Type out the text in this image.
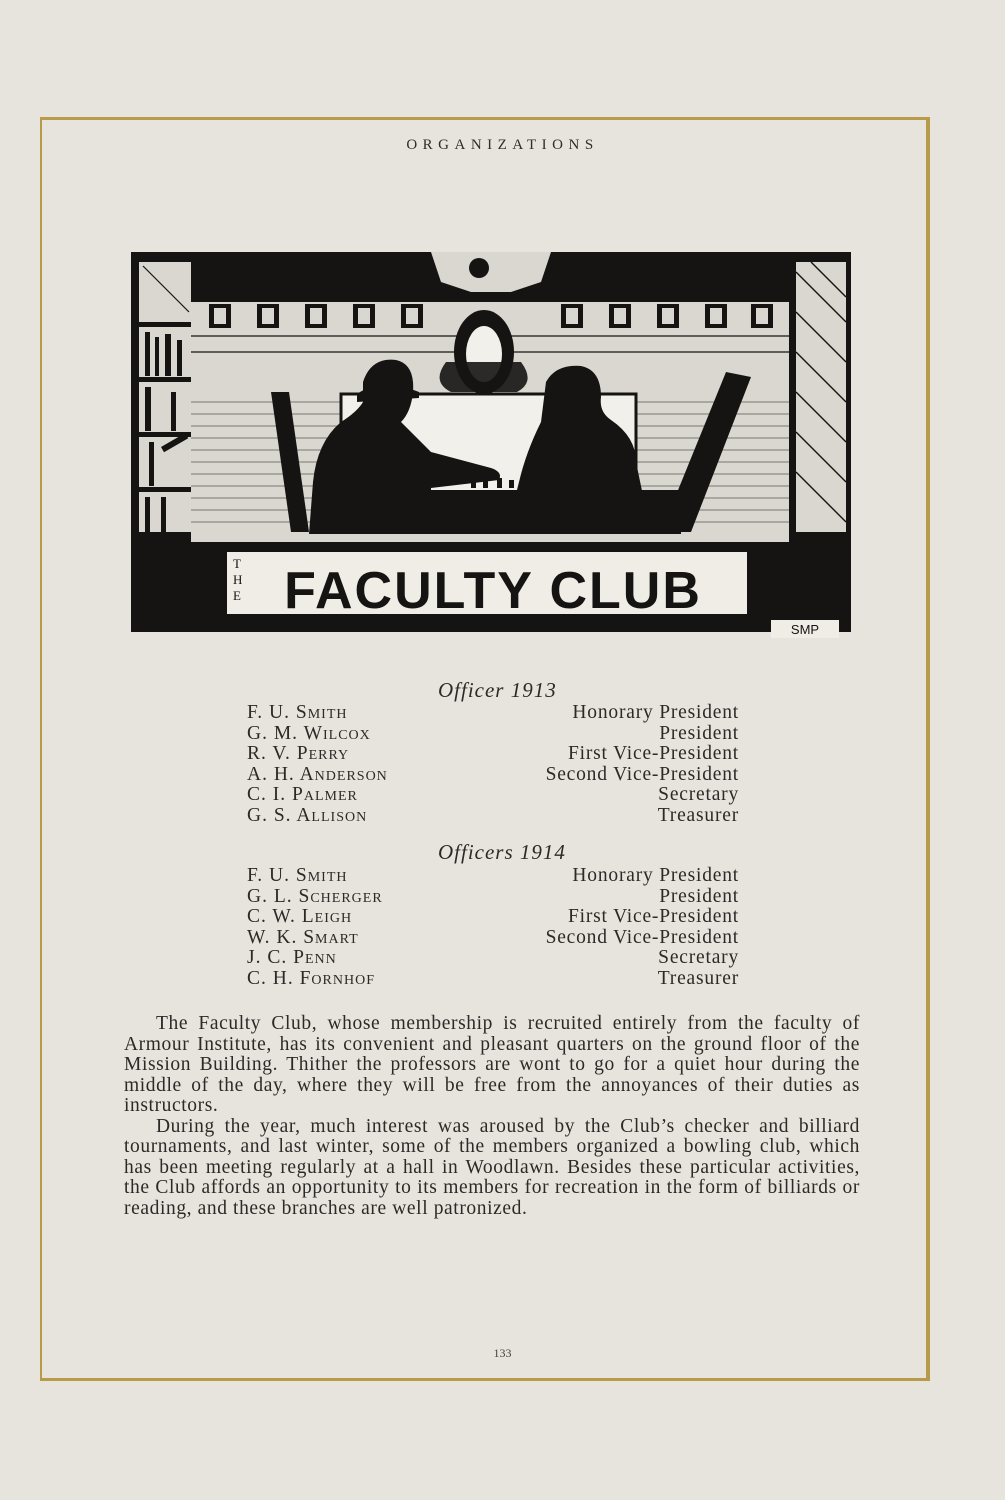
ORGANIZATIONS
T
H
E FACULTY CLUB
SMP
Officer 1913
F. U. Smith	Honorary President
G. M. Wilcox	President
R. V. Perry	First Vice-President
A. H. Anderson	Second Vice-President
C. I. Palmer	Secretary
G. S. Allison	Treasurer
Officers 1914
F. U. Smith	Honorary President
G. L. Scherger	President
C. W. Leigh	First Vice-President
W. K. Smart	Second Vice-President
J. C. Penn	Secretary
C. H. Fornhof	Treasurer

The Faculty Club, whose membership is recruited entirely from the faculty of Armour Institute, has its convenient and pleasant quarters on the ground floor of the Mission Building. Thither the professors are wont to go for a quiet hour during the middle of the day, where they will be free from the annoyances of their duties as instructors.

During the year, much interest was aroused by the Club’s checker and billiard tournaments, and last winter, some of the members organized a bowling club, which has been meeting regularly at a hall in Woodlawn. Besides these particular activities, the Club affords an opportunity to its members for recreation in the form of billiards or reading, and these branches are well patronized.

133
